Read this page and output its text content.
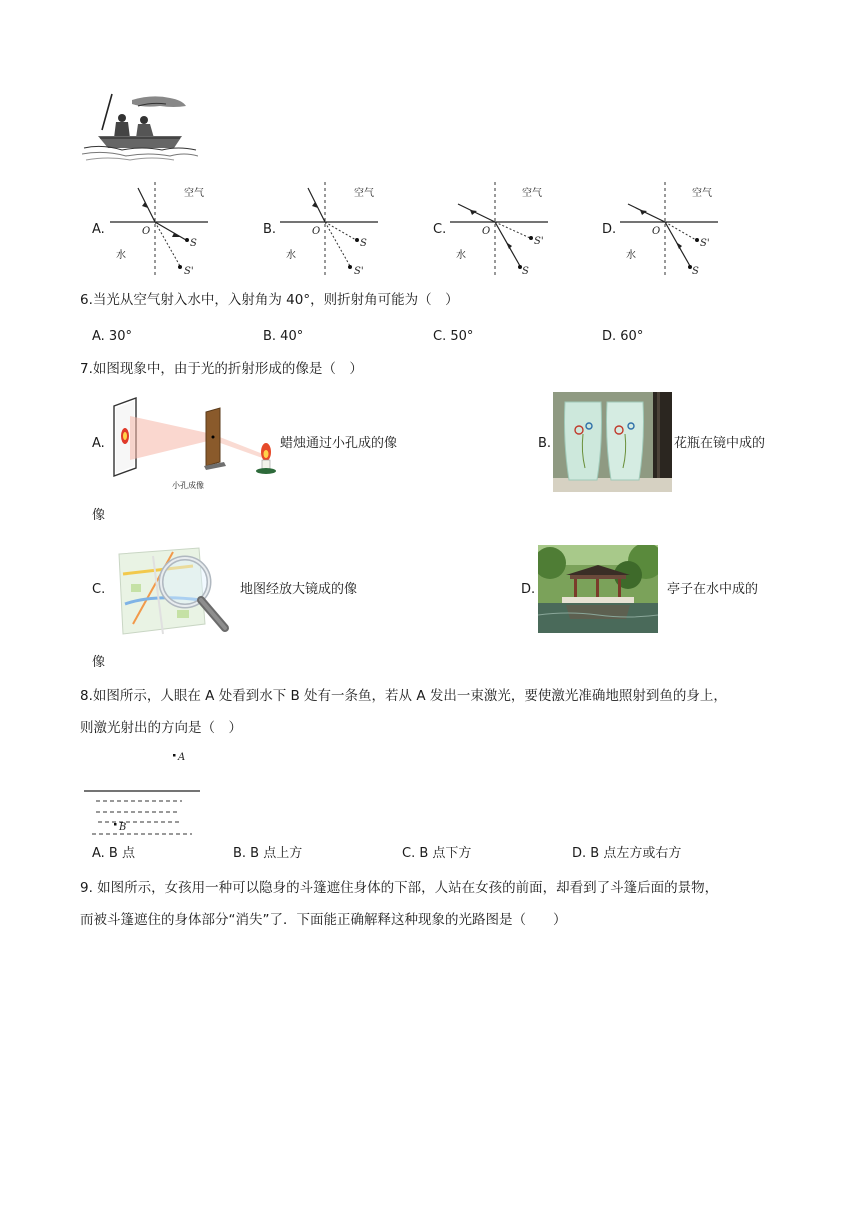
A.
空气
水
O
S
S'
B.
空气
水
O
S
S'
C.
空气
水
O
S'
S
D.
空气
水
O
S'
S
6.当光从空气射入水中，入射角为 40°，则折射角可能为（　）
A. 30°	B. 40°	C. 50°	D. 60°
7.如图现象中，由于光的折射形成的像是（　）
A.
小孔成像
蜡烛通过小孔成的像	B.	花瓶在镜中成的
像
C.	地图经放大镜成的像	D.	亭子在水中成的
像
8.如图所示，人眼在 A 处看到水下 B 处有一条鱼，若从 A 发出一束激光，要使激光准确地照射到鱼的身上，
则激光射出的方向是（　）
A
B
A. B 点	B. B 点上方	C. B 点下方	D. B 点左方或右方
9. 如图所示，女孩用一种可以隐身的斗篷遮住身体的下部，人站在女孩的前面，却看到了斗篷后面的景物，
而被斗篷遮住的身体部分“消失”了．下面能正确解释这种现象的光路图是（　　）
